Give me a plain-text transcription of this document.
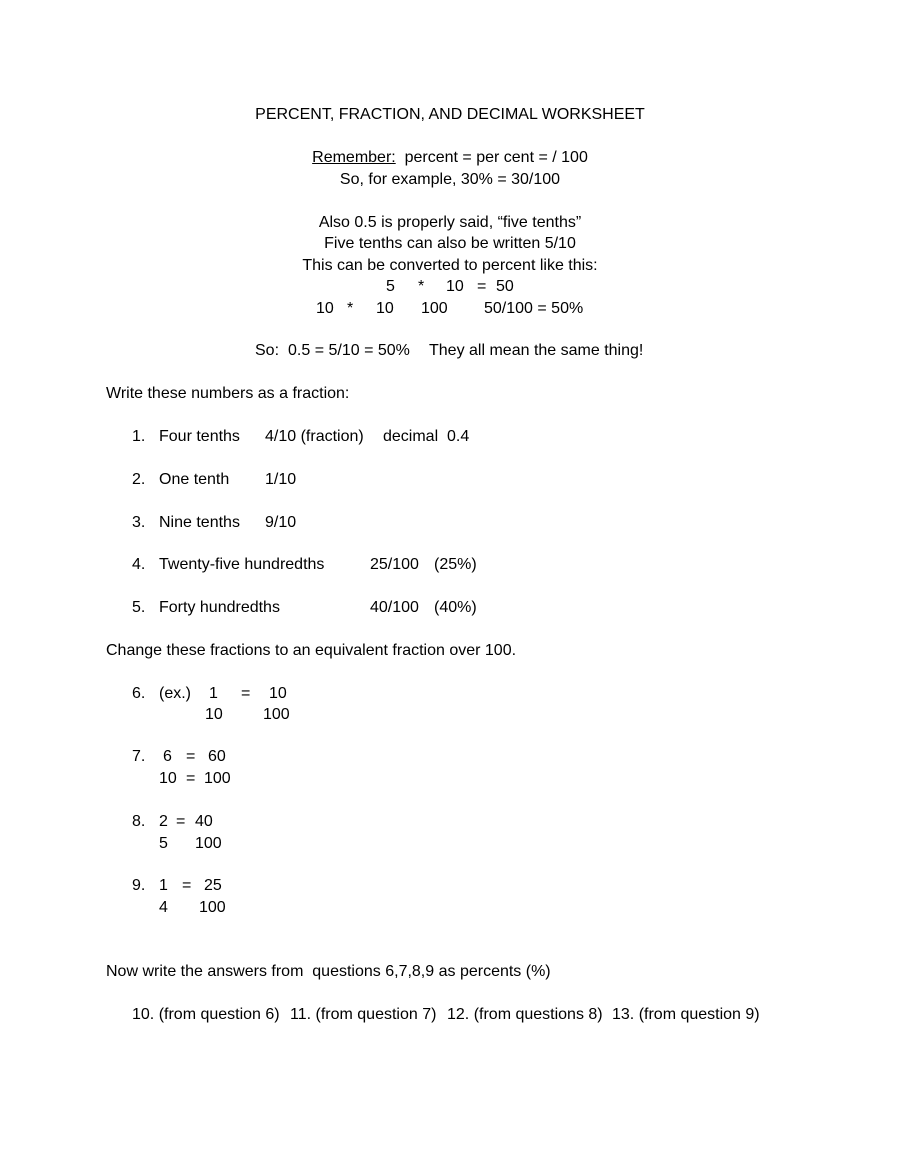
PERCENT, FRACTION, AND DECIMAL WORKSHEET
Remember: percent = per cent = / 100
So, for example, 30% = 30/100
Also 0.5 is properly said, “five tenths”
Five tenths can also be written 5/10
This can be converted to percent like this:
5 * 10 = 50
10 * 10 100 50/100 = 50%
So: 0.5 = 5/10 = 50% They all mean the same thing!
Write these numbers as a fraction:
1. Four tenths 4/10 (fraction) decimal  0.4
2. One tenth 1/10
3. Nine tenths 9/10
4. Twenty-five hundredths	25/100 (25%)
5. Forty hundredths	40/100 (40%)
Change these fractions to an equivalent fraction over 100.
6. (ex.) 1 = 10
10	100
7. 6 = 60
10 = 100
8. 2 = 40
5 100
9. 1 = 25
4 100
Now write the answers from  questions 6,7,8,9 as percents (%)
10. (from question 6) 11. (from question 7) 12. (from questions 8) 13. (from question 9)
